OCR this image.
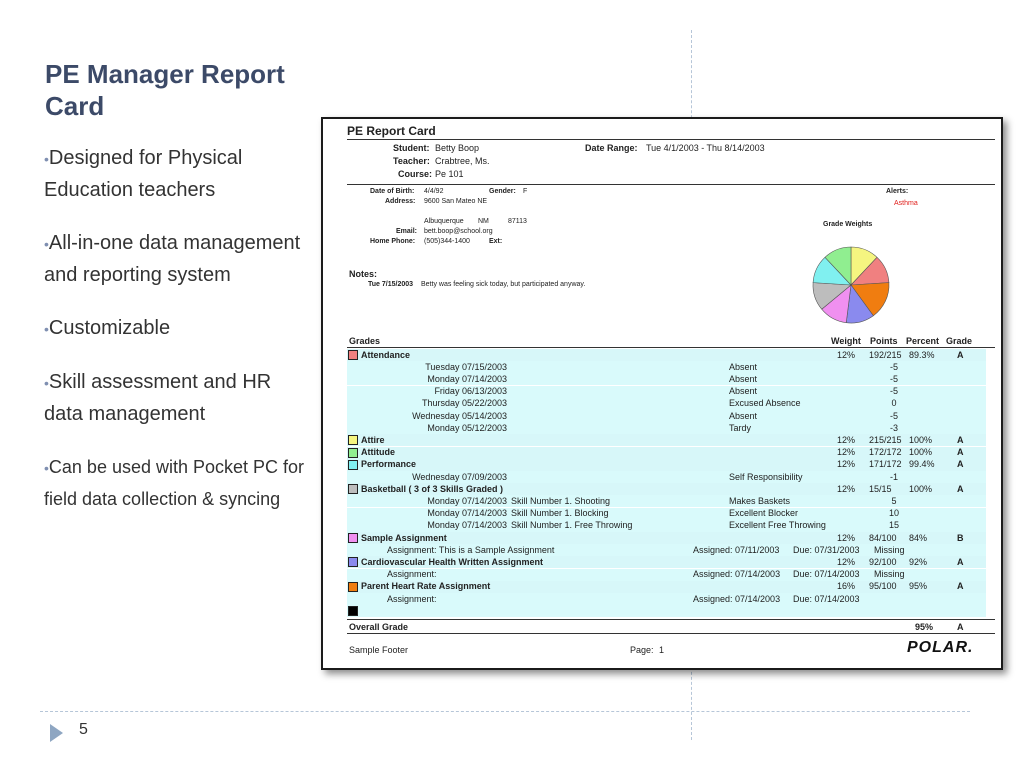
PE Manager Report Card
•Designed for Physical Education teachers
•All-in-one data management and reporting system
•Customizable
•Skill assessment and HR data management
•Can be used with Pocket PC for field data collection & syncing
5
PE Report Card
Student: Betty Boop
Teacher: Crabtree, Ms.
Course: Pe 101
Date Range: Tue 4/1/2003 - Thu 8/14/2003
Date of Birth: 4/4/92	Gender: F
Address: 9600 San Mateo NE
Albuquerque NM	87113
Email: bett.boop@school.org
Home Phone: (505)344-1400	Ext:
Alerts:
Asthma
Grade Weights
Notes:
Tue 7/15/2003 Betty was feeling sick today, but participated anyway.
Grades	Weight Points Percent Grade
Attendance	12% 192/215 89.3% A
Tuesday 07/15/2003	Absent	-5
Monday 07/14/2003	Absent	-5
Friday 06/13/2003	Absent	-5
Thursday 05/22/2003	Excused Absence	0
Wednesday 05/14/2003	Absent	-5
Monday 05/12/2003	Tardy	-3
Attire	12% 215/215 100%	A
Attitude	12% 172/172 100%	A
Performance	12% 171/172 99.4% A
Wednesday 07/09/2003	Self Responsibility	-1
Basketball ( 3 of 3 Skills Graded )	12% 15/15 100%	A
Monday 07/14/2003 Skill Number 1. Shooting	Makes Baskets	5
Monday 07/14/2003 Skill Number 1. Blocking	Excellent Blocker	10
Monday 07/14/2003 Skill Number 1. Free Throwing	Excellent Free Throwing	15
Sample Assignment	12% 84/100 84%	B
Assignment: This is a Sample Assignment	Assigned: 07/11/2003 Due: 07/31/2003 Missing
Cardiovascular Health Written Assignment	12% 92/100 92%	A
Assignment:	Assigned: 07/14/2003 Due: 07/14/2003 Missing
Parent Heart Rate Assignment	16% 95/100 95%	A
Assignment:	Assigned: 07/14/2003 Due: 07/14/2003
Overall Grade	95%	A
Sample Footer	Page: 1	POLAR.
